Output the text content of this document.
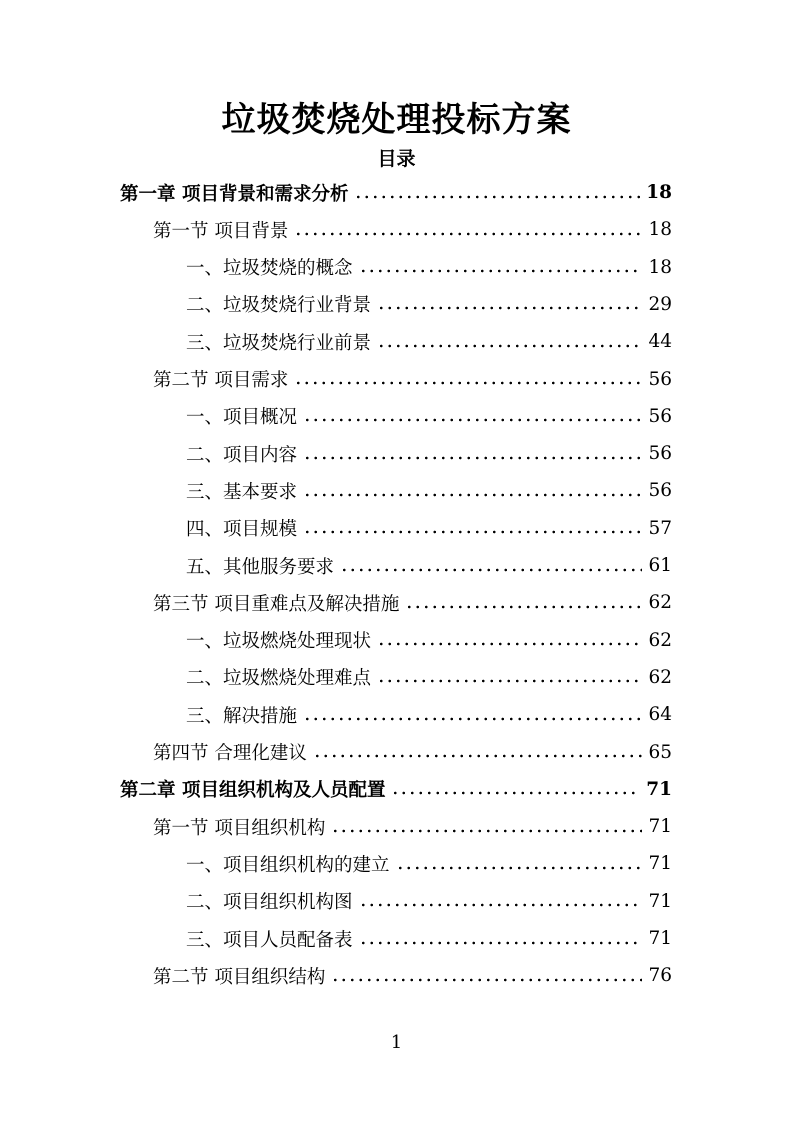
垃圾焚烧处理投标方案
目录
第一章 项目背景和需求分析	18
第一节 项目背景	18
一、垃圾焚烧的概念	18
二、垃圾焚烧行业背景	29
三、垃圾焚烧行业前景	44
第二节 项目需求	56
一、项目概况	56
二、项目内容	56
三、基本要求	56
四、项目规模	57
五、其他服务要求	61
第三节 项目重难点及解决措施	62
一、垃圾燃烧处理现状	62
二、垃圾燃烧处理难点	62
三、解决措施	64
第四节 合理化建议	65
第二章 项目组织机构及人员配置	71
第一节 项目组织机构	71
一、项目组织机构的建立	71
二、项目组织机构图	71
三、项目人员配备表	71
第二节 项目组织结构	76
1
